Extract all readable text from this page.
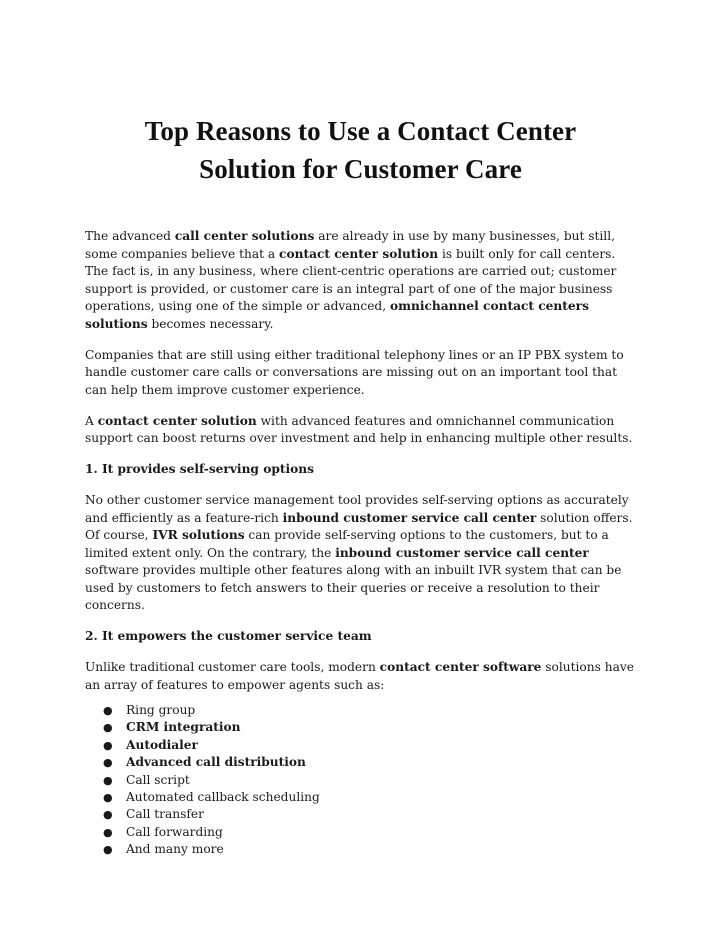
Top Reasons to Use a Contact Center
Solution for Customer Care

The advanced call center solutions are already in use by many businesses, but still, some companies believe that a contact center solution is built only for call centers. The fact is, in any business, where client-centric operations are carried out; customer support is provided, or customer care is an integral part of one of the major business operations, using one of the simple or advanced, omnichannel contact centers solutions becomes necessary.

Companies that are still using either traditional telephony lines or an IP PBX system to handle customer care calls or conversations are missing out on an important tool that can help them improve customer experience.

A contact center solution with advanced features and omnichannel communication support can boost returns over investment and help in enhancing multiple other results.

1. It provides self-serving options

No other customer service management tool provides self-serving options as accurately and efficiently as a feature-rich inbound customer service call center solution offers. Of course, IVR solutions can provide self-serving options to the customers, but to a limited extent only. On the contrary, the inbound customer service call center software provides multiple other features along with an inbuilt IVR system that can be used by customers to fetch answers to their queries or receive a resolution to their concerns.

2. It empowers the customer service team

Unlike traditional customer care tools, modern contact center software solutions have an array of features to empower agents such as:

● Ring group
● CRM integration
● Autodialer
● Advanced call distribution
● Call script
● Automated callback scheduling
● Call transfer
● Call forwarding
● And many more
